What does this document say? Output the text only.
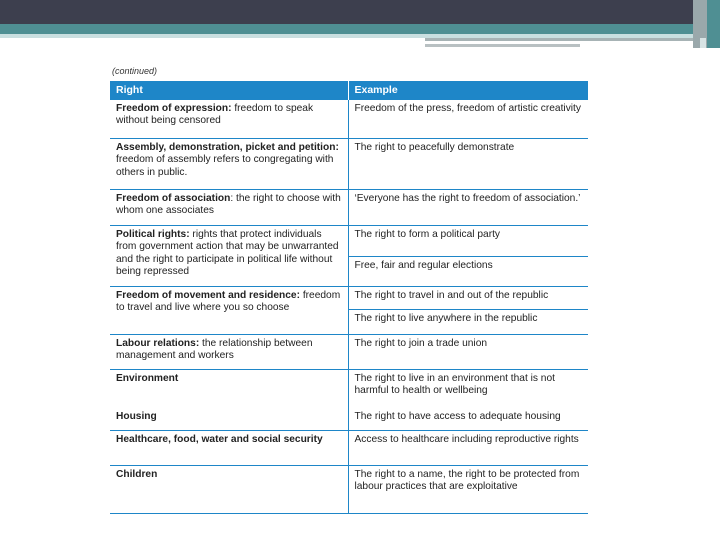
(continued)
Right	Example
Freedom of expression: freedom to speak without being censored	Freedom of the press, freedom of artistic creativity
Assembly, demonstration, picket and petition: freedom of assembly refers to congregating with others in public.	The right to peacefully demonstrate
Freedom of association: the right to choose with whom one associates	‘Everyone has the right to freedom of association.’
Political rights: rights that protect individuals from government action that may be unwarranted and the right to participate in political life without being repressed	The right to form a political party
	Free, fair and regular elections
Freedom of movement and residence: freedom to travel and live where you so choose	The right to travel in and out of the republic
	The right to live anywhere in the republic
Labour relations: the relationship between management and workers	The right to join a trade union
Environment	The right to live in an environment that is not harmful to health or wellbeing
Housing	The right to have access to adequate housing
Healthcare, food, water and social security	Access to healthcare including reproductive rights
Children	The right to a name, the right to be protected from labour practices that are exploitative
